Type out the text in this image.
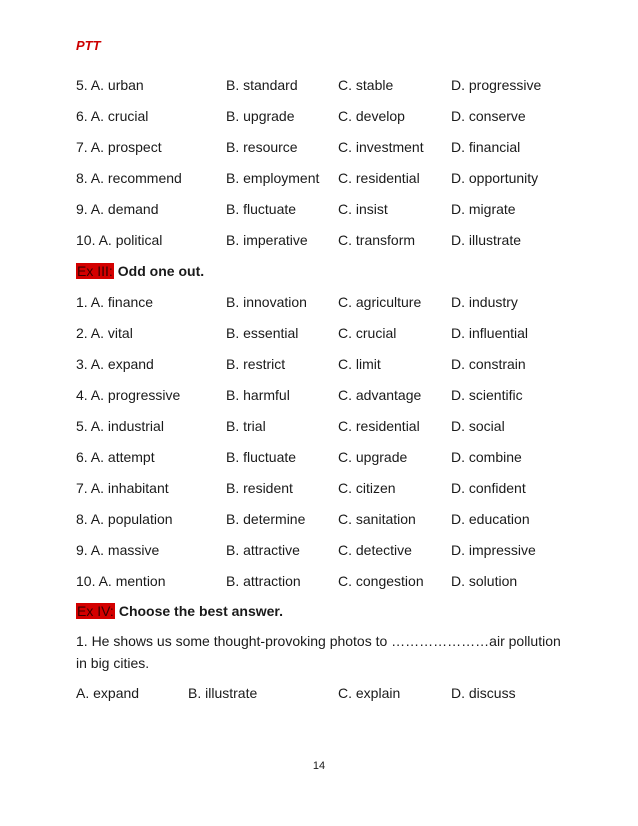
PTT
5. A. urban	B. standard	C. stable	D. progressive
6. A. crucial	B. upgrade	C. develop	D. conserve
7. A. prospect	B. resource	C. investment D. financial
8. A. recommend	B. employment C. residential D. opportunity
9. A. demand	B. fluctuate	C. insist	D. migrate
10. A. political	B. imperative C. transform	D. illustrate
Ex III: Odd one out.
1. A. finance	B. innovation C. agriculture D. industry
2. A. vital	B. essential	C. crucial	D. influential
3. A. expand	B. restrict	C. limit	D. constrain
4. A. progressive	B. harmful	C. advantage D. scientific
5. A. industrial	B. trial	C. residential D. social
6. A. attempt	B. fluctuate	C. upgrade	D. combine
7. A. inhabitant	B. resident	C. citizen	D. confident
8. A. population	B. determine C. sanitation	D. education
9. A. massive	B. attractive	C. detective	D. impressive
10. A. mention	B. attraction	C. congestion D. solution
Ex IV: Choose the best answer.
1. He shows us some thought-provoking photos to …………………air pollution in big cities.
A. expand	B. illustrate	C. explain	D. discuss
14
